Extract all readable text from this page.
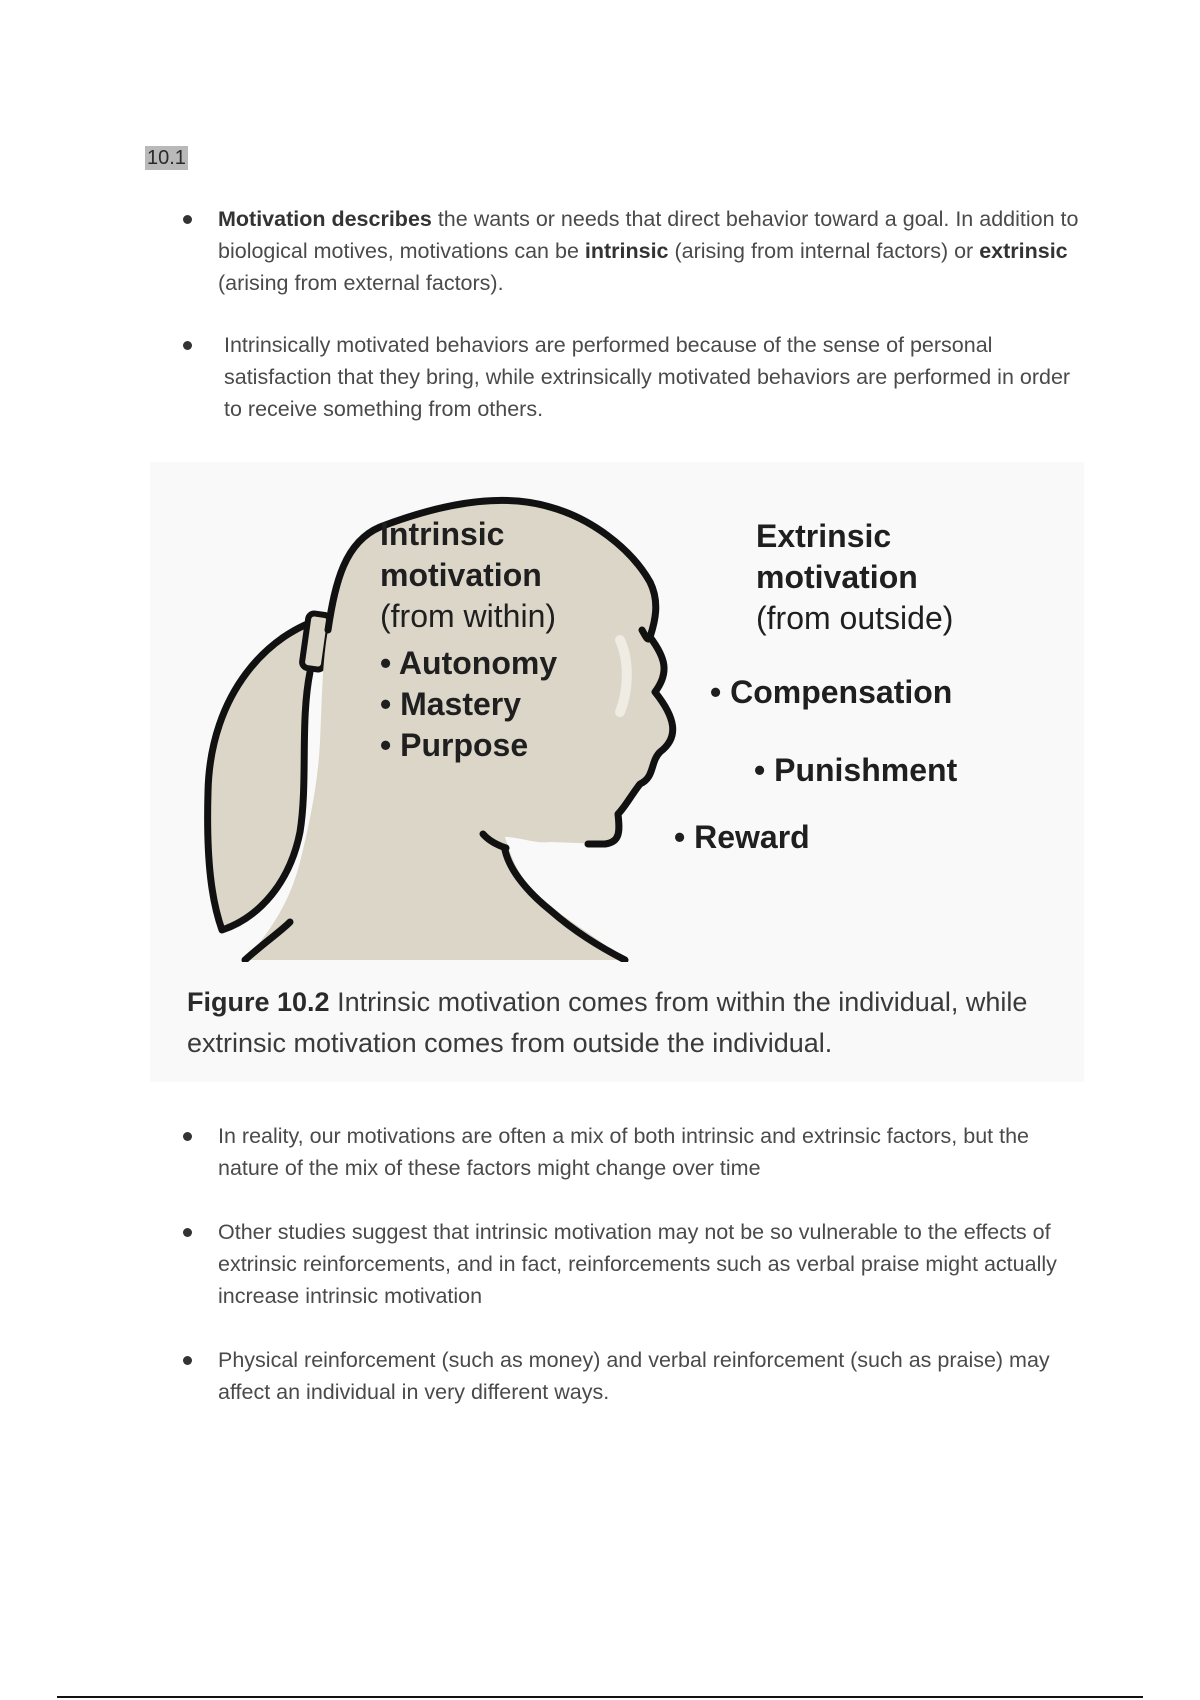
10.1
Motivation describes the wants or needs that direct behavior toward a goal. In addition to biological motives, motivations can be intrinsic (arising from internal factors) or extrinsic (arising from external factors).
Intrinsically motivated behaviors are performed because of the sense of personal satisfaction that they bring, while extrinsically motivated behaviors are performed in order to receive something from others.
Intrinsic
motivation
(from within)
• Autonomy
• Mastery
• Purpose
Extrinsic
motivation
(from outside)
• Compensation
• Punishment
• Reward
Figure 10.2 Intrinsic motivation comes from within the individual, while extrinsic motivation comes from outside the individual.
In reality, our motivations are often a mix of both intrinsic and extrinsic factors, but the nature of the mix of these factors might change over time
Other studies suggest that intrinsic motivation may not be so vulnerable to the effects of extrinsic reinforcements, and in fact, reinforcements such as verbal praise might actually increase intrinsic motivation
Physical reinforcement (such as money) and verbal reinforcement (such as praise) may affect an individual in very different ways.
